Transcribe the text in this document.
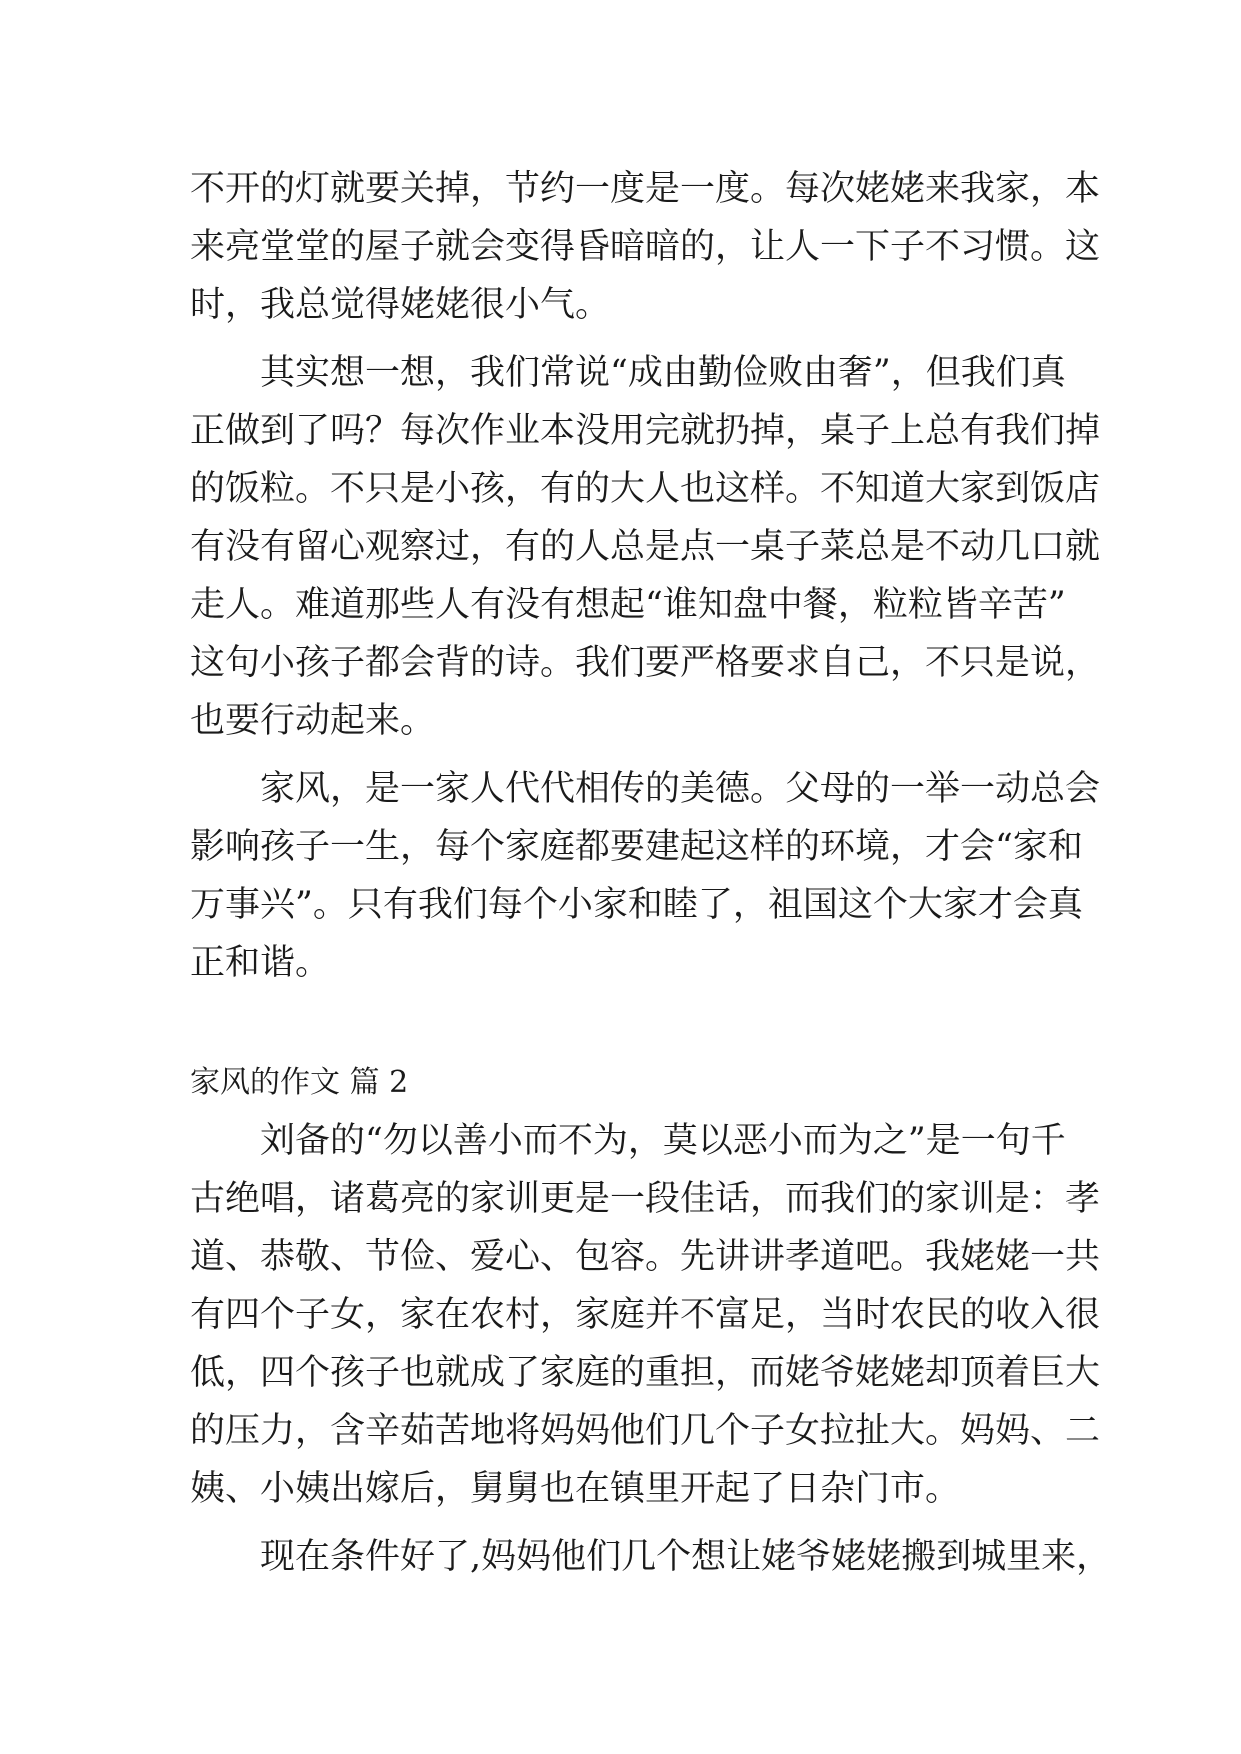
不开的灯就要关掉，节约一度是一度。每次姥姥来我家，本
来亮堂堂的屋子就会变得昏暗暗的，让人一下子不习惯。这
时，我总觉得姥姥很小气。
其实想一想，我们常说“成由勤俭败由奢”，但我们真
正做到了吗？每次作业本没用完就扔掉，桌子上总有我们掉
的饭粒。不只是小孩，有的大人也这样。不知道大家到饭店
有没有留心观察过，有的人总是点一桌子菜总是不动几口就
走人。难道那些人有没有想起“谁知盘中餐，粒粒皆辛苦”
这句小孩子都会背的诗。我们要严格要求自己，不只是说，
也要行动起来。
家风，是一家人代代相传的美德。父母的一举一动总会
影响孩子一生，每个家庭都要建起这样的环境，才会“家和
万事兴”。只有我们每个小家和睦了，祖国这个大家才会真
正和谐。
家风的作文 篇 2
刘备的“勿以善小而不为，莫以恶小而为之”是一句千
古绝唱，诸葛亮的家训更是一段佳话，而我们的家训是：孝
道、恭敬、节俭、爱心、包容。先讲讲孝道吧。我姥姥一共
有四个子女，家在农村，家庭并不富足，当时农民的收入很
低，四个孩子也就成了家庭的重担，而姥爷姥姥却顶着巨大
的压力，含辛茹苦地将妈妈他们几个子女拉扯大。妈妈、二
姨、小姨出嫁后，舅舅也在镇里开起了日杂门市。
现在条件好了,妈妈他们几个想让姥爷姥姥搬到城里来，
